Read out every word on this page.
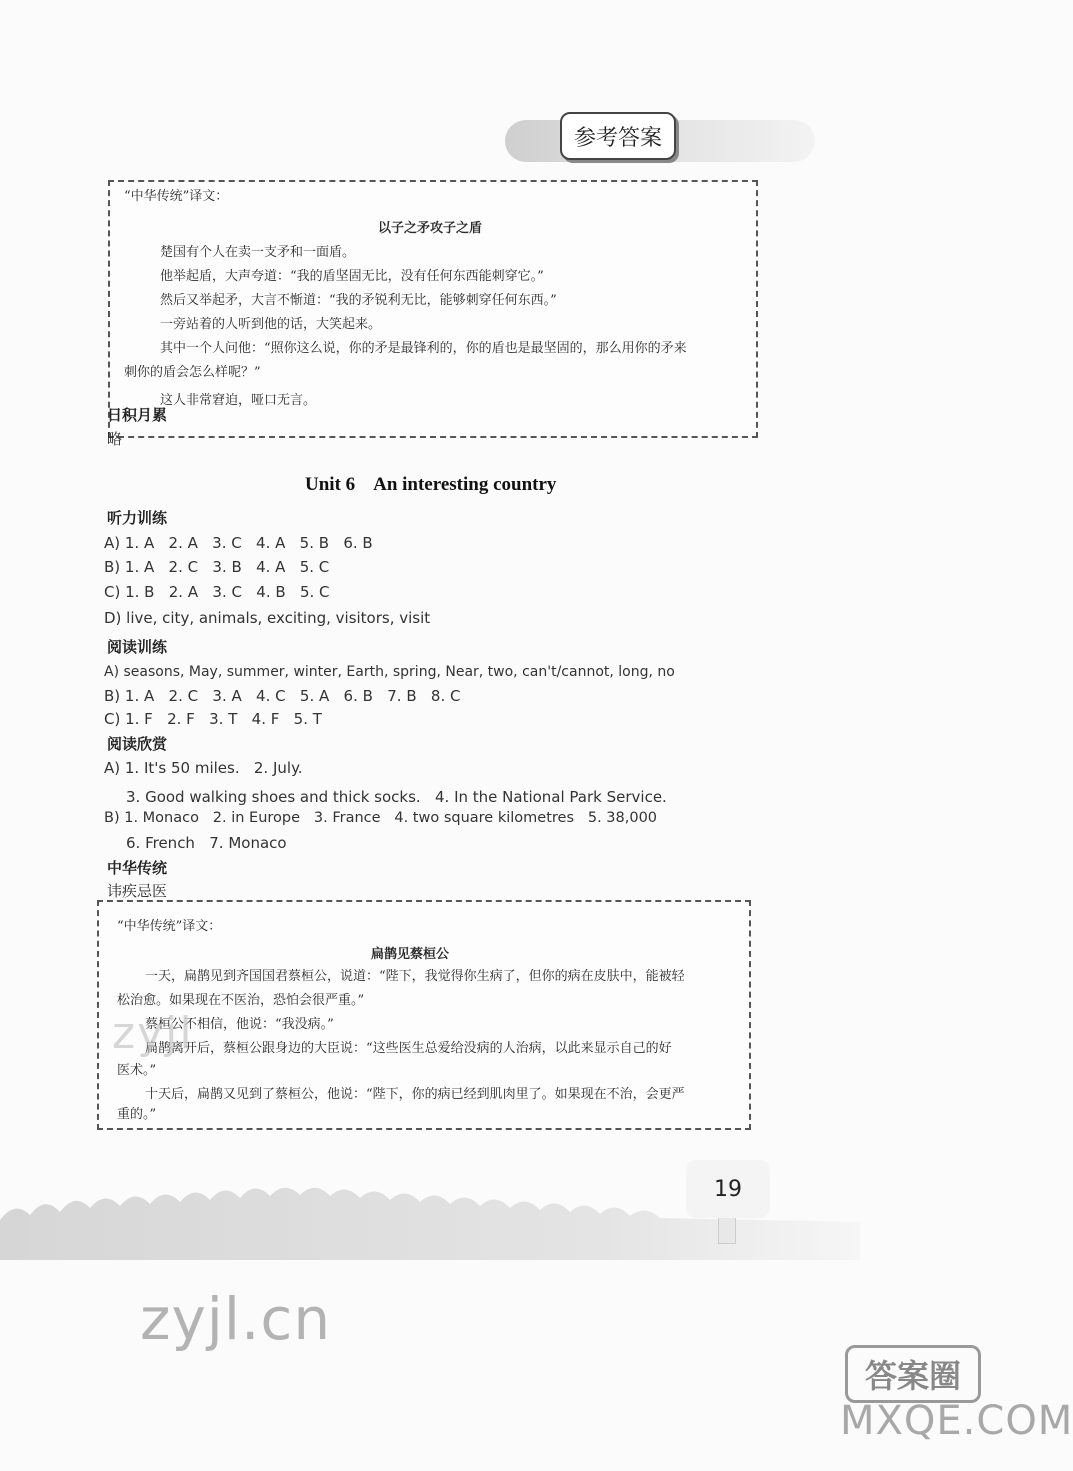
参考答案
“中华传统”译文：
以子之矛攻子之盾
楚国有个人在卖一支矛和一面盾。
他举起盾，大声夸道：“我的盾坚固无比，没有任何东西能刺穿它。”
然后又举起矛，大言不惭道：“我的矛锐利无比，能够刺穿任何东西。”
一旁站着的人听到他的话，大笑起来。
其中一个人问他：“照你这么说，你的矛是最锋利的，你的盾也是最坚固的，那么用你的矛来
刺你的盾会怎么样呢？”
这人非常窘迫，哑口无言。
日积月累
略
Unit 6    An interesting country
听力训练
A) 1. A   2. A   3. C   4. A   5. B   6. B
B) 1. A   2. C   3. B   4. A   5. C
C) 1. B   2. A   3. C   4. B   5. C
D) live, city, animals, exciting, visitors, visit
阅读训练
A) seasons, May, summer, winter, Earth, spring, Near, two, can't/cannot, long, no
B) 1. A   2. C   3. A   4. C   5. A   6. B   7. B   8. C
C) 1. F   2. F   3. T   4. F   5. T
阅读欣赏
A) 1. It's 50 miles.   2. July.
3. Good walking shoes and thick socks.   4. In the National Park Service.
B) 1. Monaco   2. in Europe   3. France   4. two square kilometres   5. 38,000
6. French   7. Monaco
中华传统
讳疾忌医
“中华传统”译文：
扁鹊见蔡桓公
一天，扁鹊见到齐国国君蔡桓公，说道：“陛下，我觉得你生病了，但你的病在皮肤中，能被轻
松治愈。如果现在不医治，恐怕会很严重。”
蔡桓公不相信，他说：“我没病。”
扁鹊离开后，蔡桓公跟身边的大臣说：“这些医生总爱给没病的人治病，以此来显示自己的好
医术。”
十天后，扁鹊又见到了蔡桓公，他说：“陛下，你的病已经到肌肉里了。如果现在不治，会更严
重的。”
19
zyjl
zyjl.cn
答案圈
MXQE.COM
